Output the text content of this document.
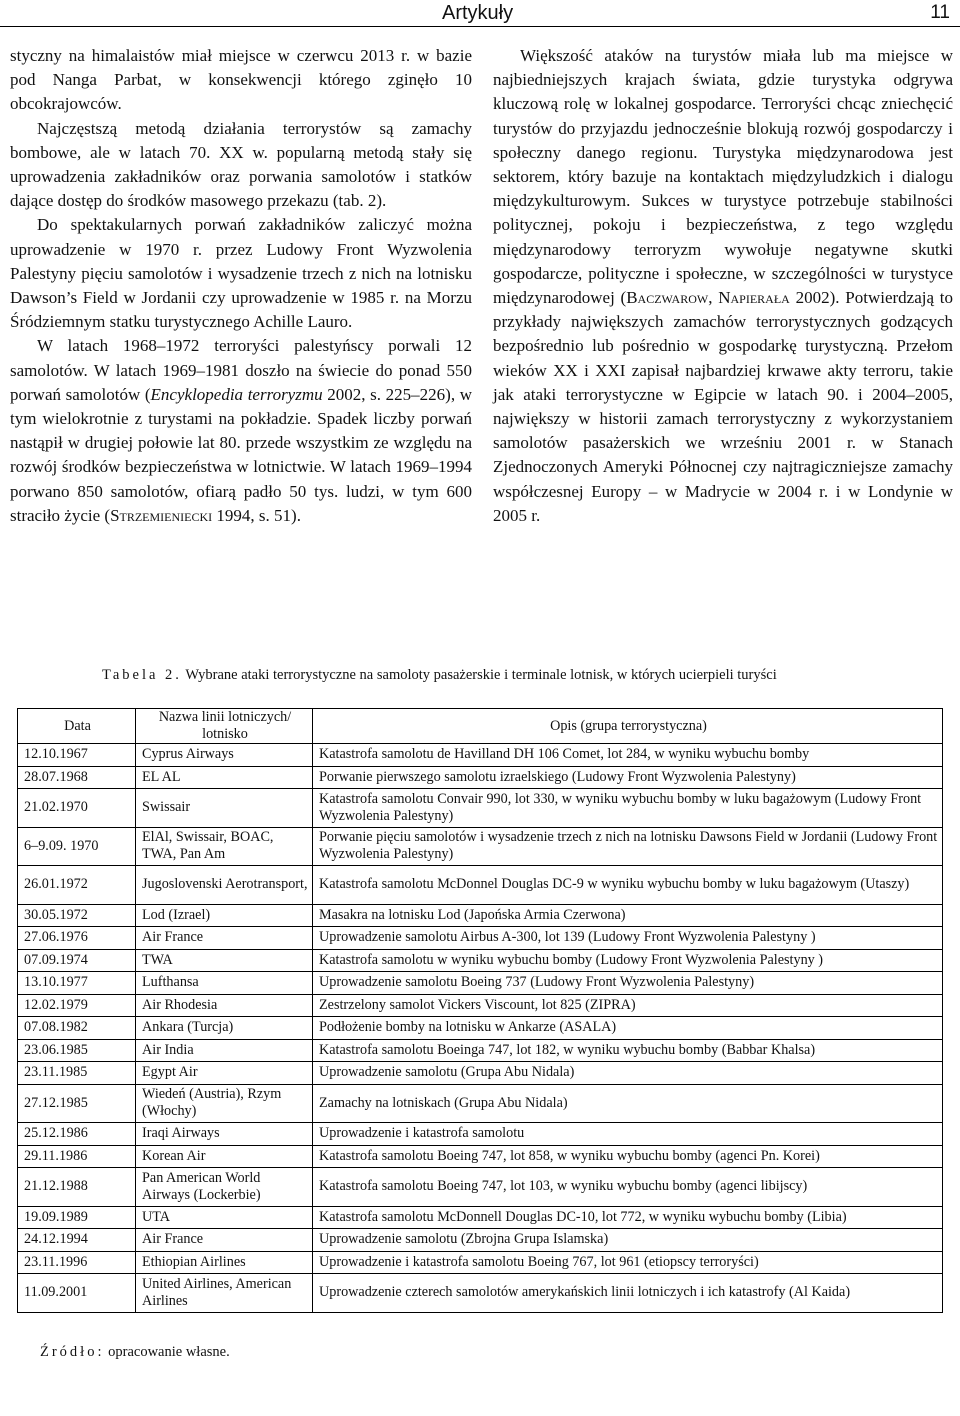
Artykuły	11

styczny na himalaistów miał miejsce w czerwcu 2013 r. w bazie pod Nanga Parbat, w konsekwencji którego zginęło 10 obcokrajowców.

Najczęstszą metodą działania terrorystów są zamachy bombowe, ale w latach 70. XX w. popularną metodą stały się uprowadzenia zakładników oraz porwania samolotów i statków dające dostęp do środków masowego przekazu (tab. 2).

Do spektakularnych porwań zakładników zaliczyć można uprowadzenie w 1970 r. przez Ludowy Front Wyzwolenia Palestyny pięciu samolotów i wysadzenie trzech z nich na lotnisku Dawson’s Field w Jordanii czy uprowadzenie w 1985 r. na Morzu Śródziemnym statku turystycznego Achille Lauro.

W latach 1968–1972 terroryści palestyńscy porwali 12 samolotów. W latach 1969–1981 doszło na świecie do ponad 550 porwań samolotów (Encyklopedia terroryzmu 2002, s. 225–226), w tym wielokrotnie z turystami na pokładzie. Spadek liczby porwań nastąpił w drugiej połowie lat 80. przede wszystkim ze względu na rozwój środków bezpieczeństwa w lotnictwie. W latach 1969–1994 porwano 850 samolotów, ofiarą padło 50 tys. ludzi, w tym 600 straciło życie (Strzemieniecki 1994, s. 51).

Większość ataków na turystów miała lub ma miejsce w najbiedniejszych krajach świata, gdzie turystyka odgrywa kluczową rolę w lokalnej gospodarce. Terroryści chcąc zniechęcić turystów do przyjazdu jednocześnie blokują rozwój gospodarczy i społeczny danego regionu. Turystyka międzynarodowa jest sektorem, który bazuje na kontaktach międzyludzkich i dialogu międzykulturowym. Sukces w turystyce potrzebuje stabilności politycznej, pokoju i bezpieczeństwa, z tego względu międzynarodowy terroryzm wywołuje negatywne skutki gospodarcze, polityczne i społeczne, w szczególności w turystyce międzynarodowej (Baczwarow, Napierała 2002). Potwierdzają to przykłady największych zamachów terrorystycznych godzących bezpośrednio lub pośrednio w gospodarkę turystyczną. Przełom wieków XX i XXI zapisał najbardziej krwawe akty terroru, takie jak ataki terrorystyczne w Egipcie w latach 90. i 2004–2005, największy w historii zamach terrorystyczny z wykorzystaniem samolotów pasażerskich we wrześniu 2001 r. w Stanach Zjednoczonych Ameryki Północnej czy najtragiczniejsze zamachy współczesnej Europy – w Madrycie w 2004 r. i w Londynie w 2005 r.

Tabela 2. Wybrane ataki terrorystyczne na samoloty pasażerskie i terminale lotnisk, w których ucierpieli turyści
Data	Nazwa linii lotniczych/ lotnisko	Opis (grupa terrorystyczna)
12.10.1967	Cyprus Airways	Katastrofa samolotu de Havilland DH 106 Comet, lot 284, w wyniku wybuchu bomby
28.07.1968	EL AL	Porwanie pierwszego samolotu izraelskiego (Ludowy Front Wyzwolenia Palestyny)
21.02.1970	Swissair	Katastrofa samolotu Convair 990, lot 330, w wyniku wybuchu bomby w luku bagażowym (Ludowy Front Wyzwolenia Palestyny)
6–9.09. 1970	ElAl, Swissair, BOAC, TWA, Pan Am	Porwanie pięciu samolotów i wysadzenie trzech z nich na lotnisku Dawsons Field w Jordanii (Ludowy Front Wyzwolenia Palestyny)
26.01.1972	Jugoslovenski Aerotransport,	Katastrofa samolotu McDonnel Douglas DC-9 w wyniku wybuchu bomby w luku bagażowym (Utaszy)
30.05.1972	Lod (Izrael)	Masakra na lotnisku Lod (Japońska Armia Czerwona)
27.06.1976	Air France	Uprowadzenie samolotu Airbus A-300, lot 139 (Ludowy Front Wyzwolenia Palestyny )
07.09.1974	TWA	Katastrofa samolotu w wyniku wybuchu bomby (Ludowy Front Wyzwolenia Palestyny )
13.10.1977	Lufthansa	Uprowadzenie samolotu Boeing 737 (Ludowy Front Wyzwolenia Palestyny)
12.02.1979	Air Rhodesia	Zestrzelony samolot Vickers Viscount, lot 825 (ZIPRA)
07.08.1982	Ankara (Turcja)	Podłożenie bomby na lotnisku w Ankarze (ASALA)
23.06.1985	Air India	Katastrofa samolotu Boeinga 747, lot 182, w wyniku wybuchu bomby (Babbar Khalsa)
23.11.1985	Egypt Air	Uprowadzenie samolotu (Grupa Abu Nidala)
27.12.1985	Wiedeń (Austria), Rzym (Włochy)	Zamachy na lotniskach (Grupa Abu Nidala)
25.12.1986	Iraqi Airways	Uprowadzenie i katastrofa samolotu
29.11.1986	Korean Air	Katastrofa samolotu Boeing 747, lot 858, w wyniku wybuchu bomby (agenci Pn. Korei)
21.12.1988	Pan American World Airways (Lockerbie)	Katastrofa samolotu Boeing 747, lot 103, w wyniku wybuchu bomby (agenci libijscy)
19.09.1989	UTA	Katastrofa samolotu McDonnell Douglas DC-10, lot 772, w wyniku wybuchu bomby (Libia)
24.12.1994	Air France	Uprowadzenie samolotu (Zbrojna Grupa Islamska)
23.11.1996	Ethiopian Airlines	Uprowadzenie i katastrofa samolotu Boeing 767, lot 961 (etiopscy terroryści)
11.09.2001	United Airlines, American Airlines	Uprowadzenie czterech samolotów amerykańskich linii lotniczych i ich katastrofy (Al Kaida)
Źródło: opracowanie własne.
